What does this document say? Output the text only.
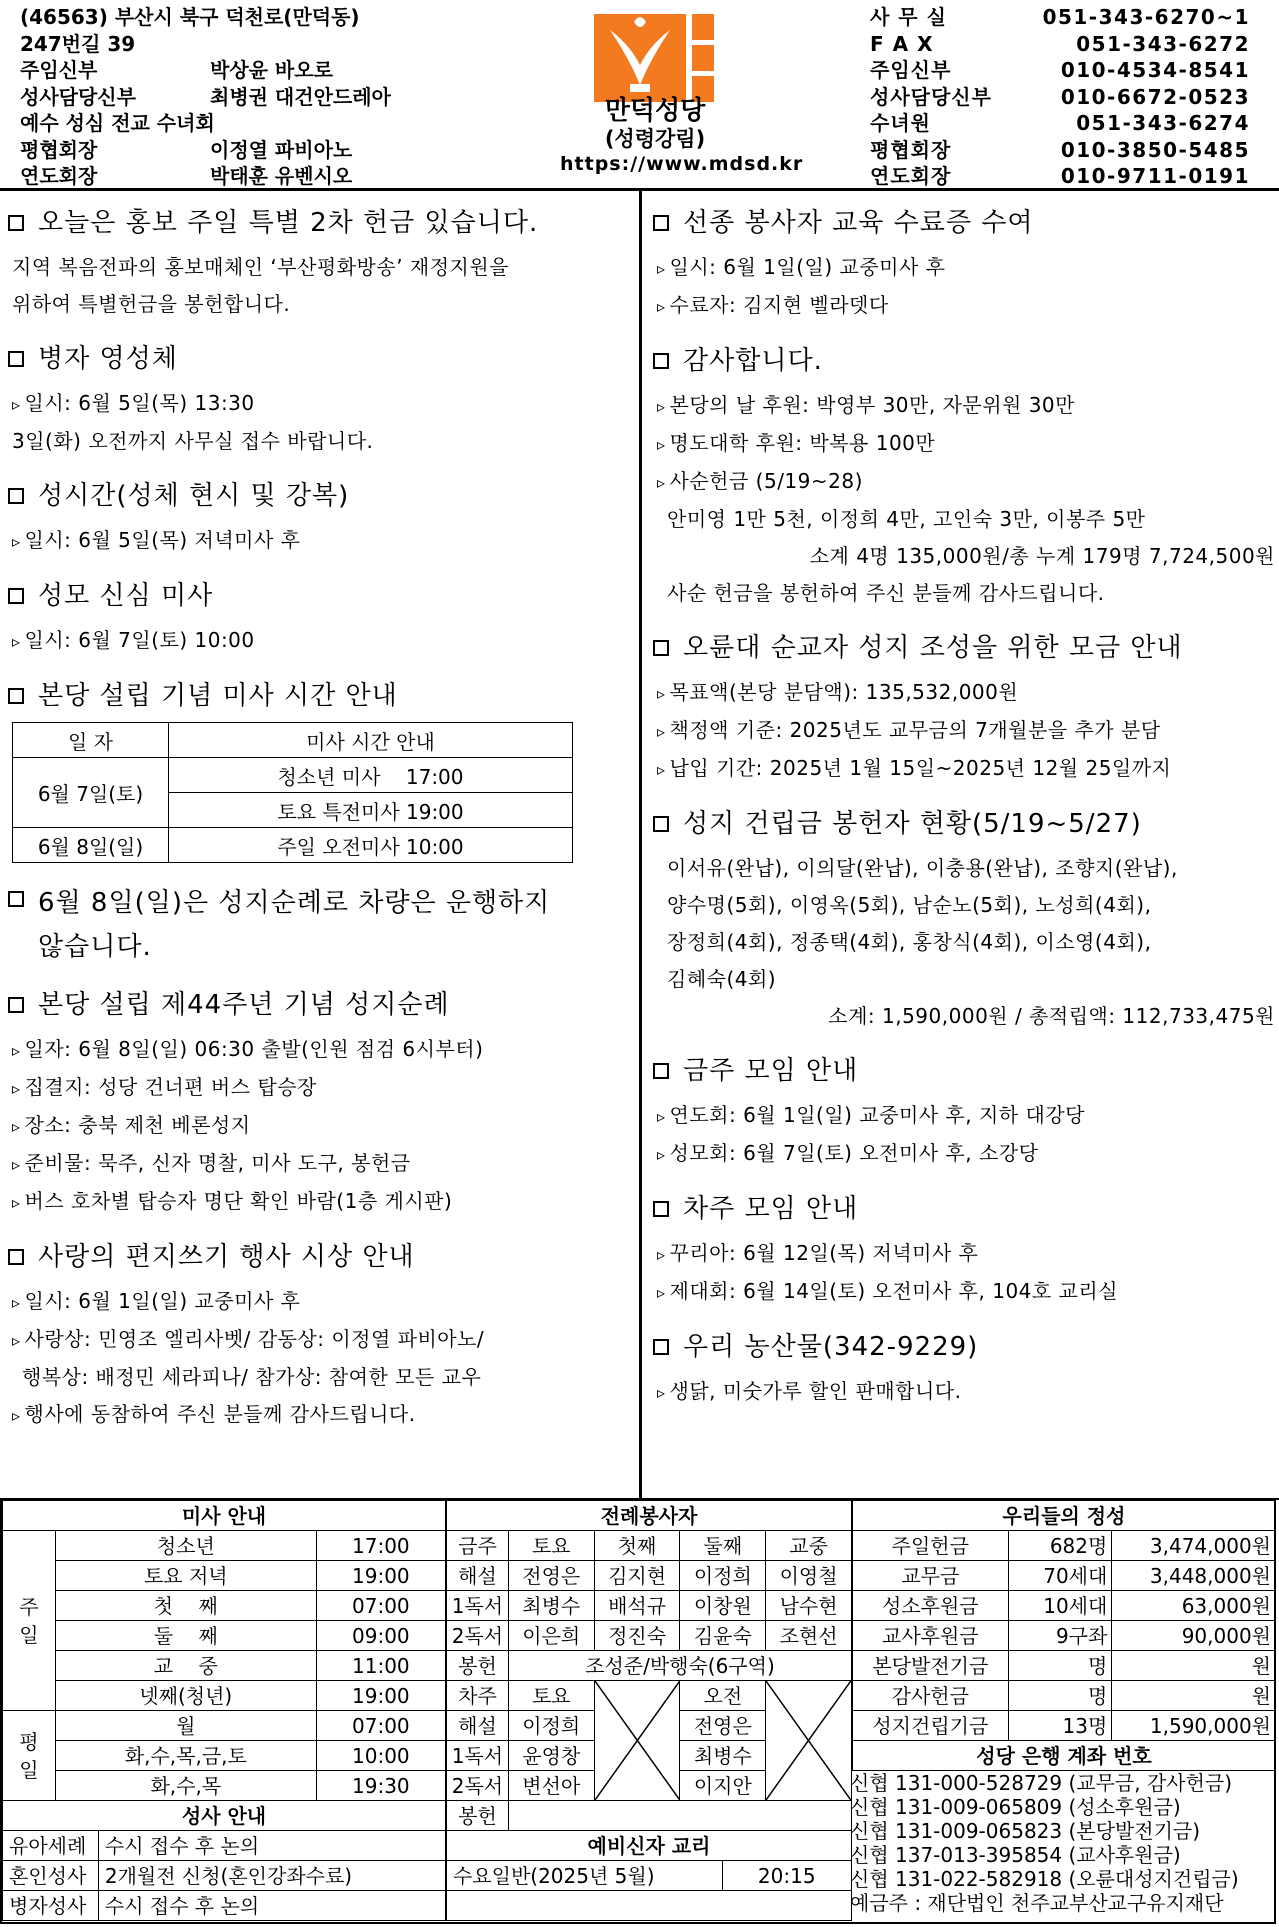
(46563) 부산시 북구 덕천로(만덕동)
247번길 39
주임신부	박상윤 바오로
성사담당신부	최병권 대건안드레아
예수 성심 전교 수녀회
평협회장	이정열 파비아노
연도회장	박태훈 유벤시오
만덕성당
(성령강림)
https://www.mdsd.kr
사 무 실	051-343-6270~1
F A X	051-343-6272
주임신부	010-4534-8541
성사담당신부	010-6672-0523
수녀원	051-343-6274
평협회장	010-3850-5485
연도회장	010-9711-0191
오늘은 홍보 주일 특별 2차 헌금 있습니다.

지역 복음전파의 홍보매체인 ‘부산평화방송’ 재정지원을

위하여 특별헌금을 봉헌합니다.

병자 영성체

▹ 일시: 6월 5일(목) 13:30

3일(화) 오전까지 사무실 접수 바랍니다.

성시간(성체 현시 및 강복)

▹ 일시: 6월 5일(목) 저녁미사 후

성모 신심 미사

▹ 일시: 6월 7일(토) 10:00

본당 설립 기념 미사 시간 안내
일 자	미사 시간 안내
6월 7일(토)	청소년 미사    17:00
	토요 특전미사 19:00
6월 8일(일)	주일 오전미사 10:00
6월 8일(일)은 성지순례로 차량은 운행하지
않습니다.
본당 설립 제44주년 기념 성지순례

▹ 일자: 6월 8일(일) 06:30 출발(인원 점검 6시부터)

▹ 집결지: 성당 건너편 버스 탑승장

▹ 장소: 충북 제천 베론성지

▹ 준비물: 묵주, 신자 명찰, 미사 도구, 봉헌금

▹ 버스 호차별 탑승자 명단 확인 바람(1층 게시판)

사랑의 편지쓰기 행사 시상 안내

▹ 일시: 6월 1일(일) 교중미사 후

▹ 사랑상: 민영조 엘리사벳/ 감동상: 이정열 파비아노/

행복상: 배정민 세라피나/ 참가상: 참여한 모든 교우

▹ 행사에 동참하여 주신 분들께 감사드립니다.

선종 봉사자 교육 수료증 수여

▹ 일시: 6월 1일(일) 교중미사 후

▹ 수료자: 김지현 벨라뎃다

감사합니다.

▹ 본당의 날 후원: 박영부 30만, 자문위원 30만

▹ 명도대학 후원: 박복용 100만

▹ 사순헌금 (5/19~28)

안미영 1만 5천, 이정희 4만, 고인숙 3만, 이봉주 5만

소계 4명 135,000원/총 누계 179명 7,724,500원

사순 헌금을 봉헌하여 주신 분들께 감사드립니다.

오륜대 순교자 성지 조성을 위한 모금 안내

▹ 목표액(본당 분담액): 135,532,000원

▹ 책정액 기준: 2025년도 교무금의 7개월분을 추가 분담

▹ 납입 기간: 2025년 1월 15일~2025년 12월 25일까지

성지 건립금 봉헌자 현황(5/19~5/27)

이서유(완납), 이의달(완납), 이충용(완납), 조향지(완납),

양수명(5회), 이영옥(5회), 남순노(5회), 노성희(4회),

장정희(4회), 정종택(4회), 홍창식(4회), 이소영(4회),

김혜숙(4회)

소계: 1,590,000원 / 총적립액: 112,733,475원

금주 모임 안내

▹ 연도회: 6월 1일(일) 교중미사 후, 지하 대강당

▹ 성모회: 6월 7일(토) 오전미사 후, 소강당

차주 모임 안내

▹ 꾸리아: 6월 12일(목) 저녁미사 후

▹ 제대회: 6월 14일(토) 오전미사 후, 104호 교리실

우리 농산물(342-9229)

▹ 생닭, 미숫가루 할인 판매합니다.

미사 안내		
주일	청소년	17:00
	토요 저녁	19:00
	첫    째	07:00
	둘    째	09:00
	교    중	11:00
	넷째(청년)	19:00
평일	월	07:00
	화,수,목,금,토	10:00
	화,수,목	19:30
성사 안내	
유아세례	수시 접수 후 논의
혼인성사	2개월전 신청(혼인강좌수료)
병자성사	수시 접수 후 논의
전례봉사자				
금주	토요	첫째	둘째	교중
해설	전영은	김지현	이정희	이영철
1독서	최병수	배석규	이창원	남수현
2독서	이은희	정진숙	김윤숙	조현선
봉헌	조성준/박행숙(6구역)			
차주	토요		오전	

해설	이정희		전영은	
1독서	윤영창		최병수	
2독서	변선아		이지안	
봉헌				
예비신자 교리
수요일반(2025년 5월)	20:15

우리들의 정성		
주일헌금	682명	3,474,000원
교무금	70세대	3,448,000원
성소후원금	10세대	63,000원
교사후원금	9구좌	90,000원
본당발전기금	명	원
감사헌금	명	원
성지건립기금	13명	1,590,000원
성당 은행 계좌 번호		
신협 131-000-528729 (교무금, 감사헌금)
신협 131-009-065809 (성소후원금)
신협 131-009-065823 (본당발전기금)
신협 137-013-395854 (교사후원금)
신협 131-022-582918 (오륜대성지건립금)
예금주 : 재단법인 천주교부산교구유지재단
